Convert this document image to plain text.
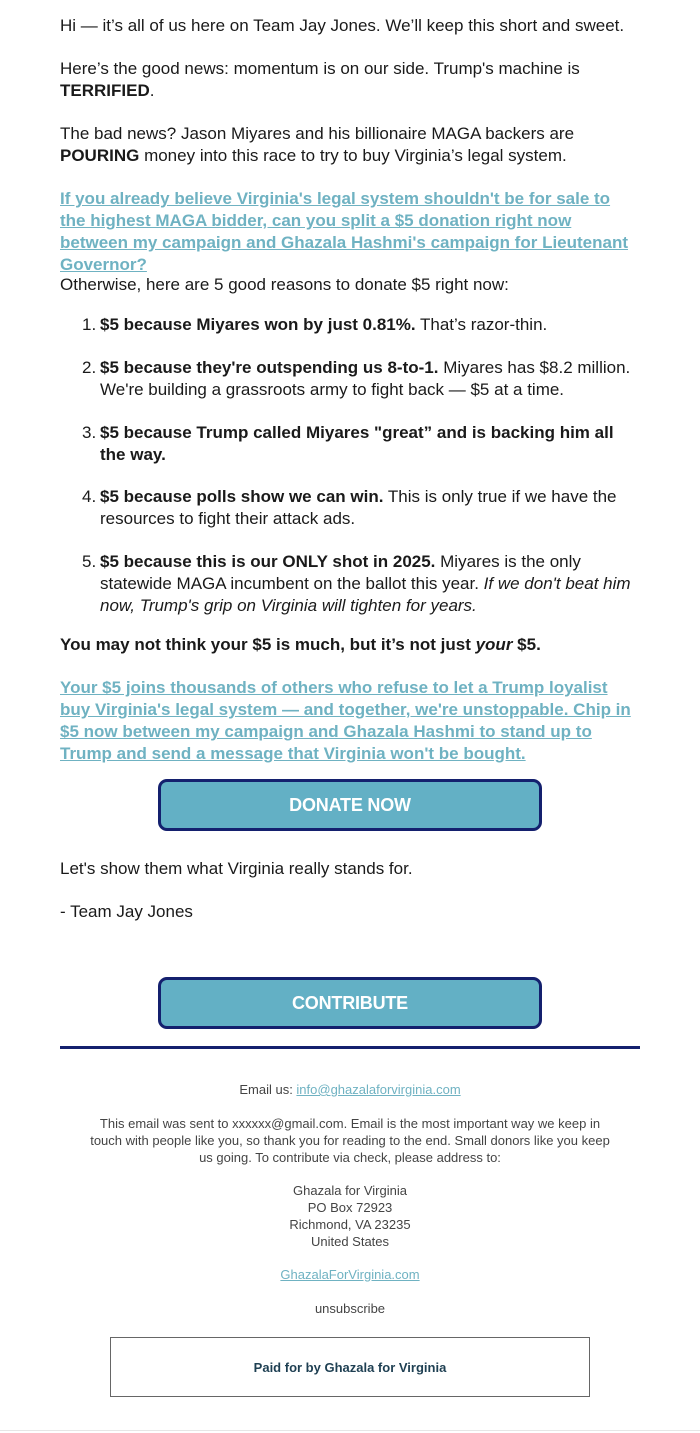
Hi — it’s all of us here on Team Jay Jones. We’ll keep this short and sweet.

Here’s the good news: momentum is on our side. Trump's machine is TERRIFIED.

The bad news? Jason Miyares and his billionaire MAGA backers are POURING money into this race to try to buy Virginia’s legal system.

If you already believe Virginia's legal system shouldn't be for sale to the highest MAGA bidder, can you split a $5 donation right now between my campaign and Ghazala Hashmi's campaign for Lieutenant Governor?

Otherwise, here are 5 good reasons to donate $5 right now:

1. $5 because Miyares won by just 0.81%. That’s razor-thin.
2. $5 because they're outspending us 8-to-1. Miyares has $8.2 million. We're building a grassroots army to fight back — $5 at a time.
3. $5 because Trump called Miyares "great” and is backing him all the way.
4. $5 because polls show we can win. This is only true if we have the resources to fight their attack ads.
5. $5 because this is our ONLY shot in 2025. Miyares is the only statewide MAGA incumbent on the ballot this year. If we don't beat him now, Trump's grip on Virginia will tighten for years.

You may not think your $5 is much, but it’s not just your $5.

Your $5 joins thousands of others who refuse to let a Trump loyalist buy Virginia's legal system — and together, we're unstoppable. Chip in $5 now between my campaign and Ghazala Hashmi to stand up to Trump and send a message that Virginia won't be bought.

Let's show them what Virginia really stands for.

- Team Jay Jones

DONATE NOW
CONTRIBUTE
Email us: info@ghazalaforvirginia.com
This email was sent to xxxxxx@gmail.com. Email is the most important way we keep in touch with people like you, so thank you for reading to the end. Small donors like you keep us going. To contribute via check, please address to:
Ghazala for Virginia
PO Box 72923
Richmond, VA 23235
United States
GhazalaForVirginia.com
unsubscribe
Paid for by Ghazala for Virginia
